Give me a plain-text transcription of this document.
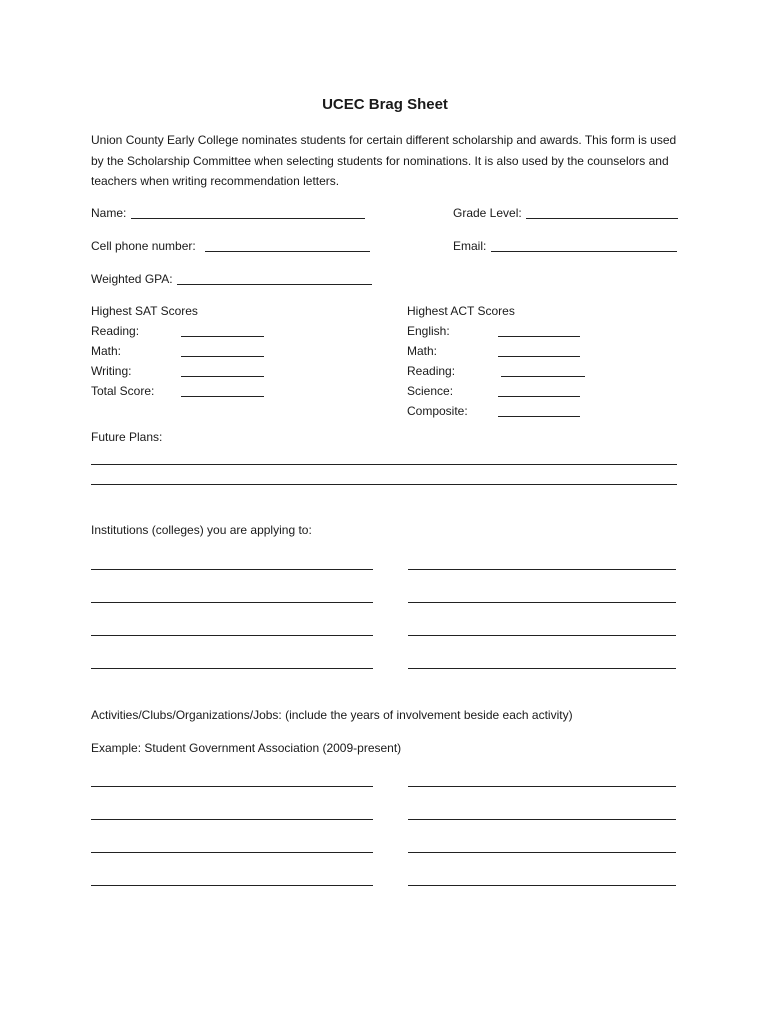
UCEC Brag Sheet
Union County Early College nominates students for certain different scholarship and awards. This form is used by the Scholarship Committee when selecting students for nominations. It is also used by the counselors and teachers when writing recommendation letters.
Name:	Grade Level:
Cell phone number:	Email:
Weighted GPA:
Highest SAT Scores
Reading:
Math:
Writing:
Total Score:
Highest ACT Scores
English:
Math:
Reading:
Science:
Composite:
Future Plans:
Institutions (colleges) you are applying to:
Activities/Clubs/Organizations/Jobs: (include the years of involvement beside each activity)
Example: Student Government Association (2009-present)
